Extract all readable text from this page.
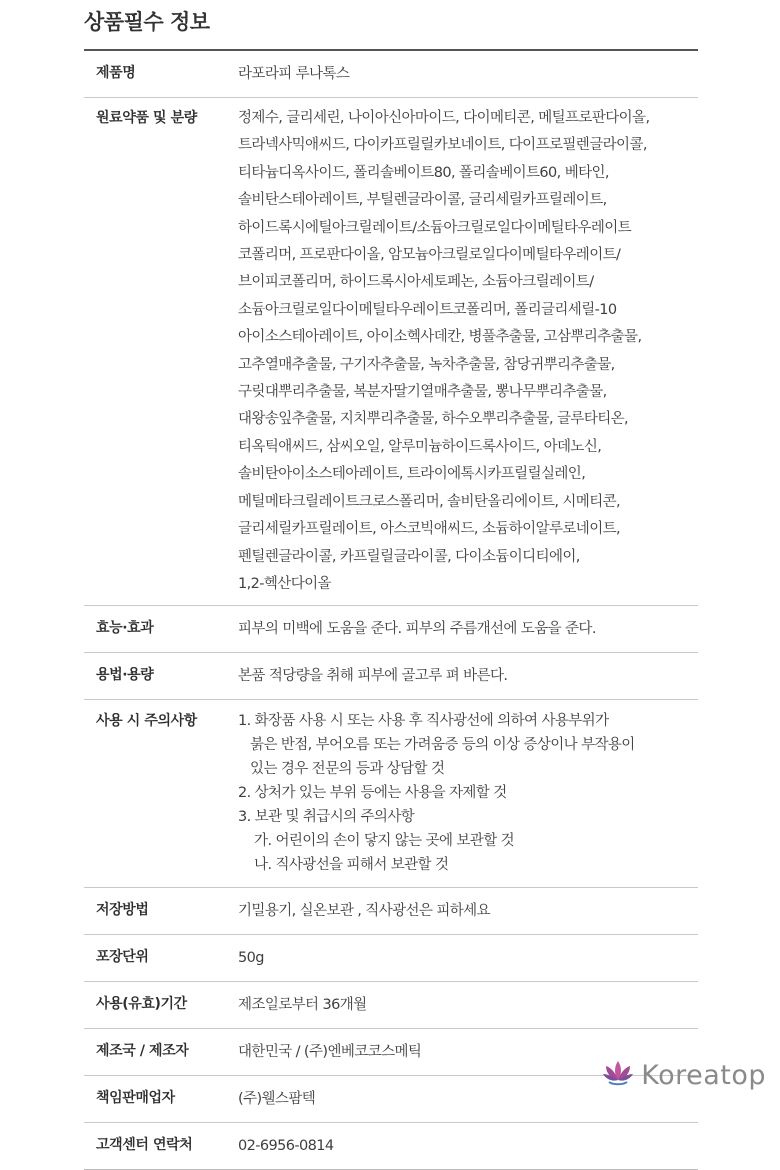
상품필수 정보
제품명	라포라피 루나톡스
원료약품 및 분량	정제수, 글리세린, 나이아신아마이드, 다이메티콘, 메틸프로판다이올,
트라넥사믹애씨드, 다이카프릴릴카보네이트, 다이프로필렌글라이콜,
티타늄디옥사이드, 폴리솔베이트80, 폴리솔베이트60, 베타인,
솔비탄스테아레이트, 부틸렌글라이콜, 글리세릴카프릴레이트,
하이드록시에틸아크릴레이트/소듐아크릴로일다이메틸타우레이트
코폴리머, 프로판다이올, 암모늄아크릴로일다이메틸타우레이트/
브이피코폴리머, 하이드록시아세토페논, 소듐아크릴레이트/
소듐아크릴로일다이메틸타우레이트코폴리머, 폴리글리세릴-10
아이소스테아레이트, 아이소헥사데칸, 병풀추출물, 고삼뿌리추출물,
고추열매추출물, 구기자추출물, 녹차추출물, 참당귀뿌리추출물,
구릿대뿌리추출물, 복분자딸기열매추출물, 뽕나무뿌리추출물,
대왕송잎추출물, 지치뿌리추출물, 하수오뿌리추출물, 글루타티온,
티옥틱애씨드, 삼씨오일, 알루미늄하이드록사이드, 아데노신,
솔비탄아이소스테아레이트, 트라이에톡시카프릴릴실레인,
메틸메타크릴레이트크로스폴리머, 솔비탄올리에이트, 시메티콘,
글리세릴카프릴레이트, 아스코빅애씨드, 소듐하이알루로네이트,
펜틸렌글라이콜, 카프릴릴글라이콜, 다이소듐이디티에이,
1,2-헥산다이올
효능·효과	피부의 미백에 도움을 준다. 피부의 주름개선에 도움을 준다.
용법·용량	본품 적당량을 취해 피부에 골고루 펴 바른다.
사용 시 주의사항	1. 화장품 사용 시 또는 사용 후 직사광선에 의하여 사용부위가
붉은 반점, 부어오름 또는 가려움증 등의 이상 증상이나 부작용이
있는 경우 전문의 등과 상담할 것
2. 상처가 있는 부위 등에는 사용을 자제할 것
3. 보관 및 취급시의 주의사항
가. 어린이의 손이 닿지 않는 곳에 보관할 것
나. 직사광선을 피해서 보관할 것
저장방법	기밀용기, 실온보관 , 직사광선은 피하세요
포장단위	50g
사용(유효)기간	제조일로부터 36개월
제조국 / 제조자	대한민국 / (주)엔베코코스메틱
책임판매업자	(주)웰스팜텍
고객센터 연락처	02-6956-0814
Koreatop
